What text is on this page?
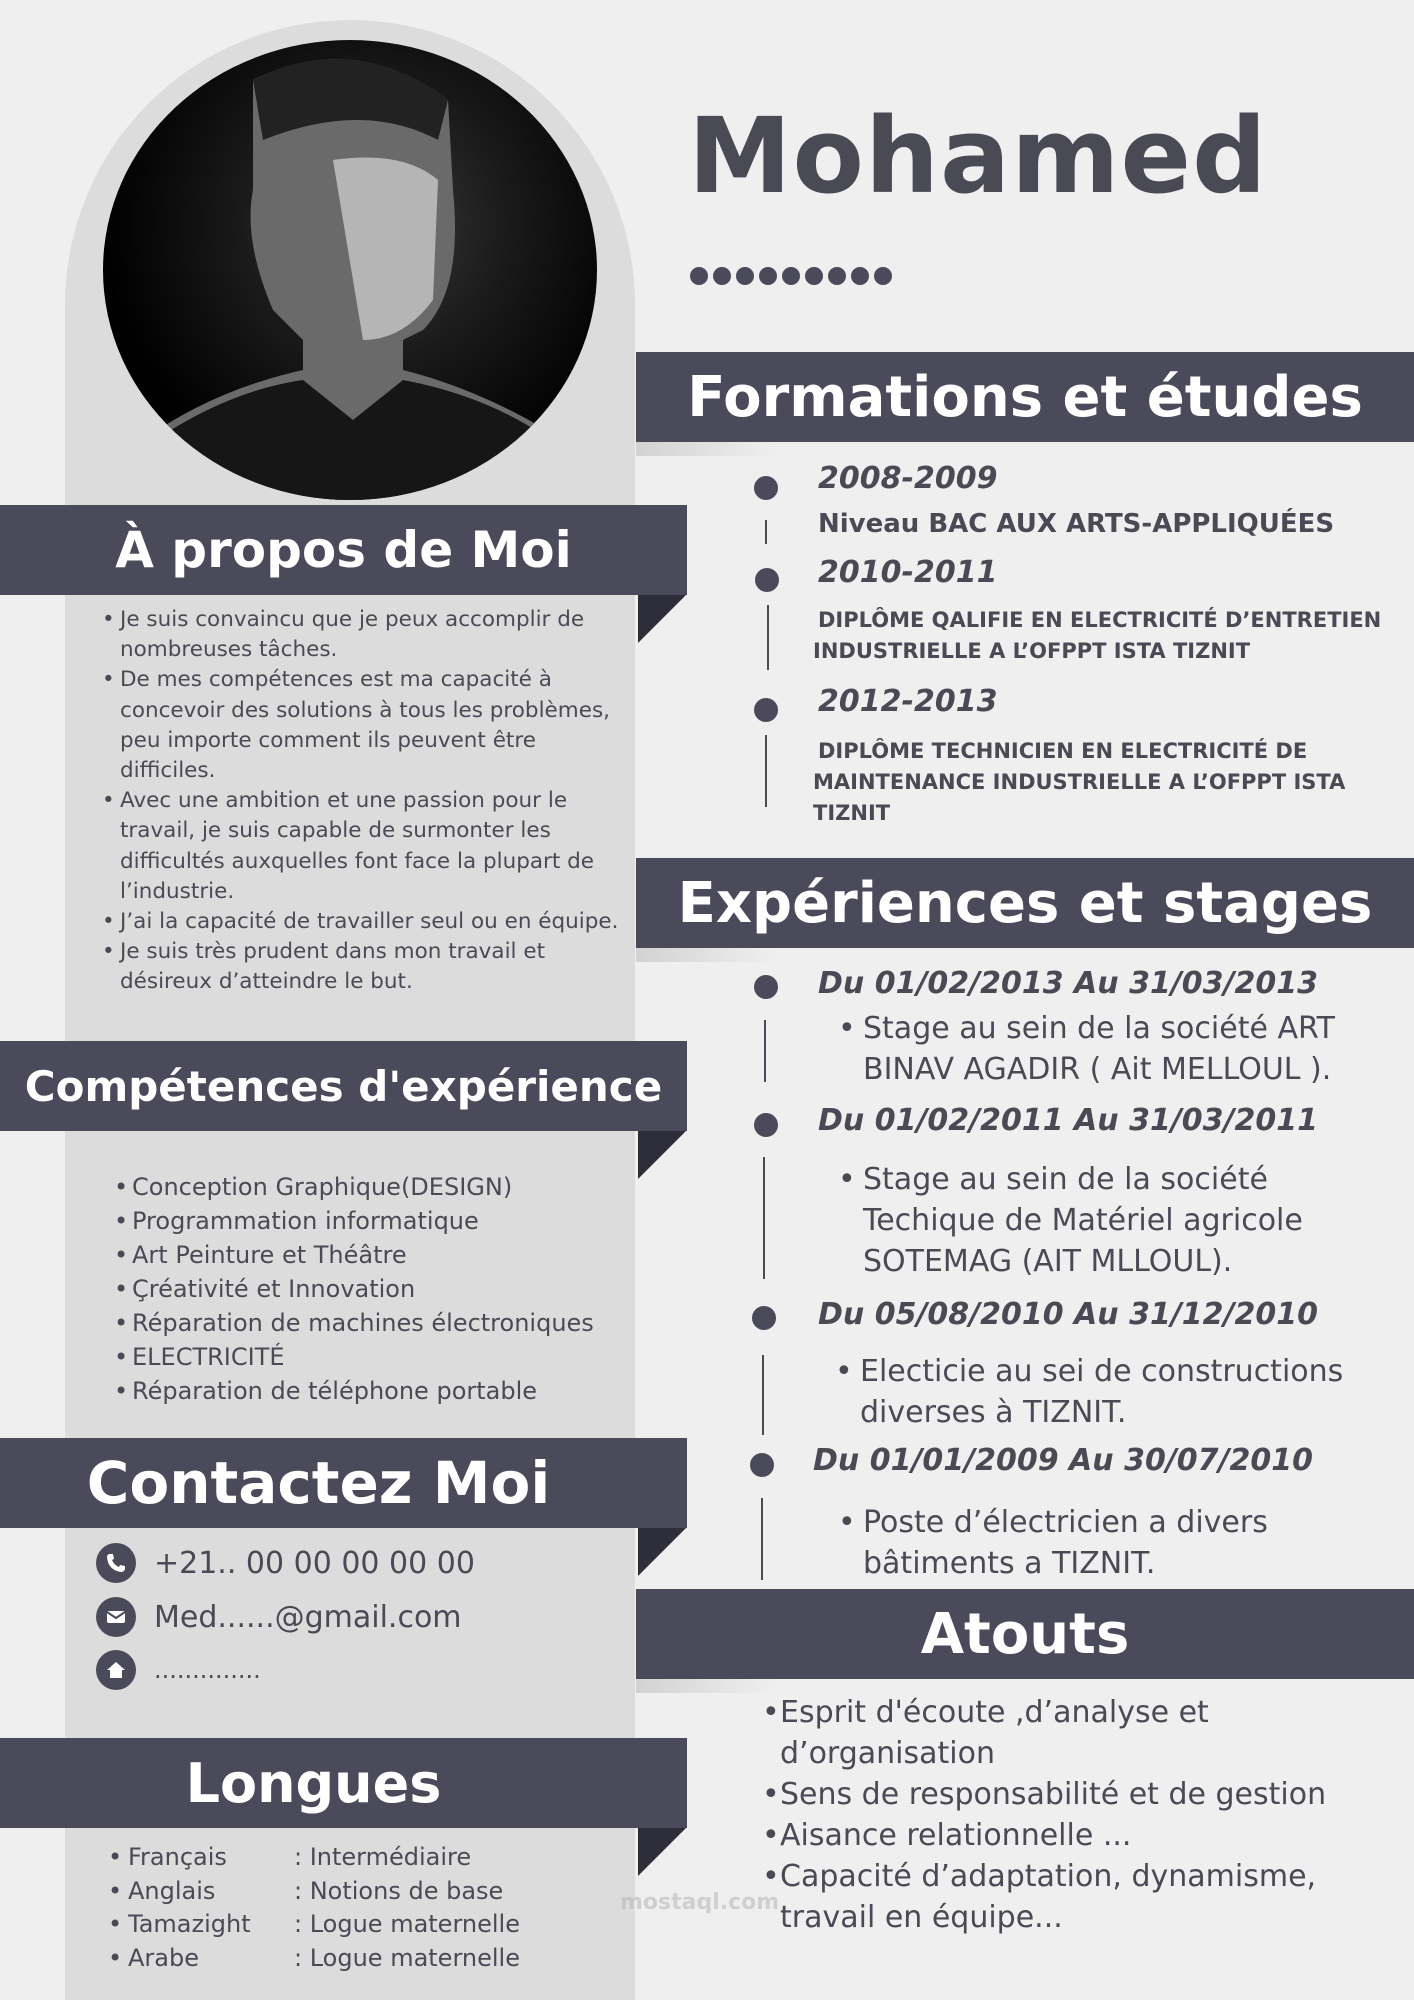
À propos de Moi
• Je suis convaincu que je peux accomplir de nombreuses tâches.
• De mes compétences est ma capacité à concevoir des solutions à tous les problèmes, peu importe comment ils peuvent être difficiles.
• Avec une ambition et une passion pour le travail, je suis capable de surmonter les difficultés auxquelles font face la plupart de l’industrie.
• J’ai la capacité de travailler seul ou en équipe.
• Je suis très prudent dans mon travail et désireux d’atteindre le but.
Compétences d'expérience
• Conception Graphique(DESIGN)
• Programmation informatique
• Art Peinture et Théâtre
• Çréativité et Innovation
• Réparation de machines électroniques
• ELECTRICITÉ
• Réparation de téléphone portable
Contactez Moi
+21.. 00 00 00 00 00
Med......@gmail.com
..............
Longues
• Français	: Intermédiaire
• Anglais	: Notions de base
• Tamazight	: Logue maternelle
• Arabe	: Logue maternelle
Mohamed
Formations et études
2008-2009
Niveau BAC AUX ARTS-APPLIQUÉES
2010-2011
DIPLÔME QALIFIE EN ELECTRICITÉ D’ENTRETIEN
INDUSTRIELLE A L’OFPPT ISTA TIZNIT
2012-2013
DIPLÔME TECHNICIEN EN ELECTRICITÉ DE
MAINTENANCE INDUSTRIELLE A L’OFPPT ISTA
TIZNIT
Expériences et stages
Du 01/02/2013 Au 31/03/2013
• Stage au sein de la société ART
BINAV AGADIR ( Ait MELLOUL ).
Du 01/02/2011 Au 31/03/2011
• Stage au sein de la société
Techique de Matériel agricole
SOTEMAG (AIT MLLOUL).
Du 05/08/2010 Au 31/12/2010
• Electicie au sei de constructions
diverses à TIZNIT.
Du 01/01/2009 Au 30/07/2010
• Poste d’électricien a divers
bâtiments a TIZNIT.
Atouts
• Esprit d'écoute ,d’analyse et d’organisation
• Sens de responsabilité et de gestion
• Aisance relationnelle ...
• Capacité d’adaptation, dynamisme, travail en équipe...
mostaql.com
